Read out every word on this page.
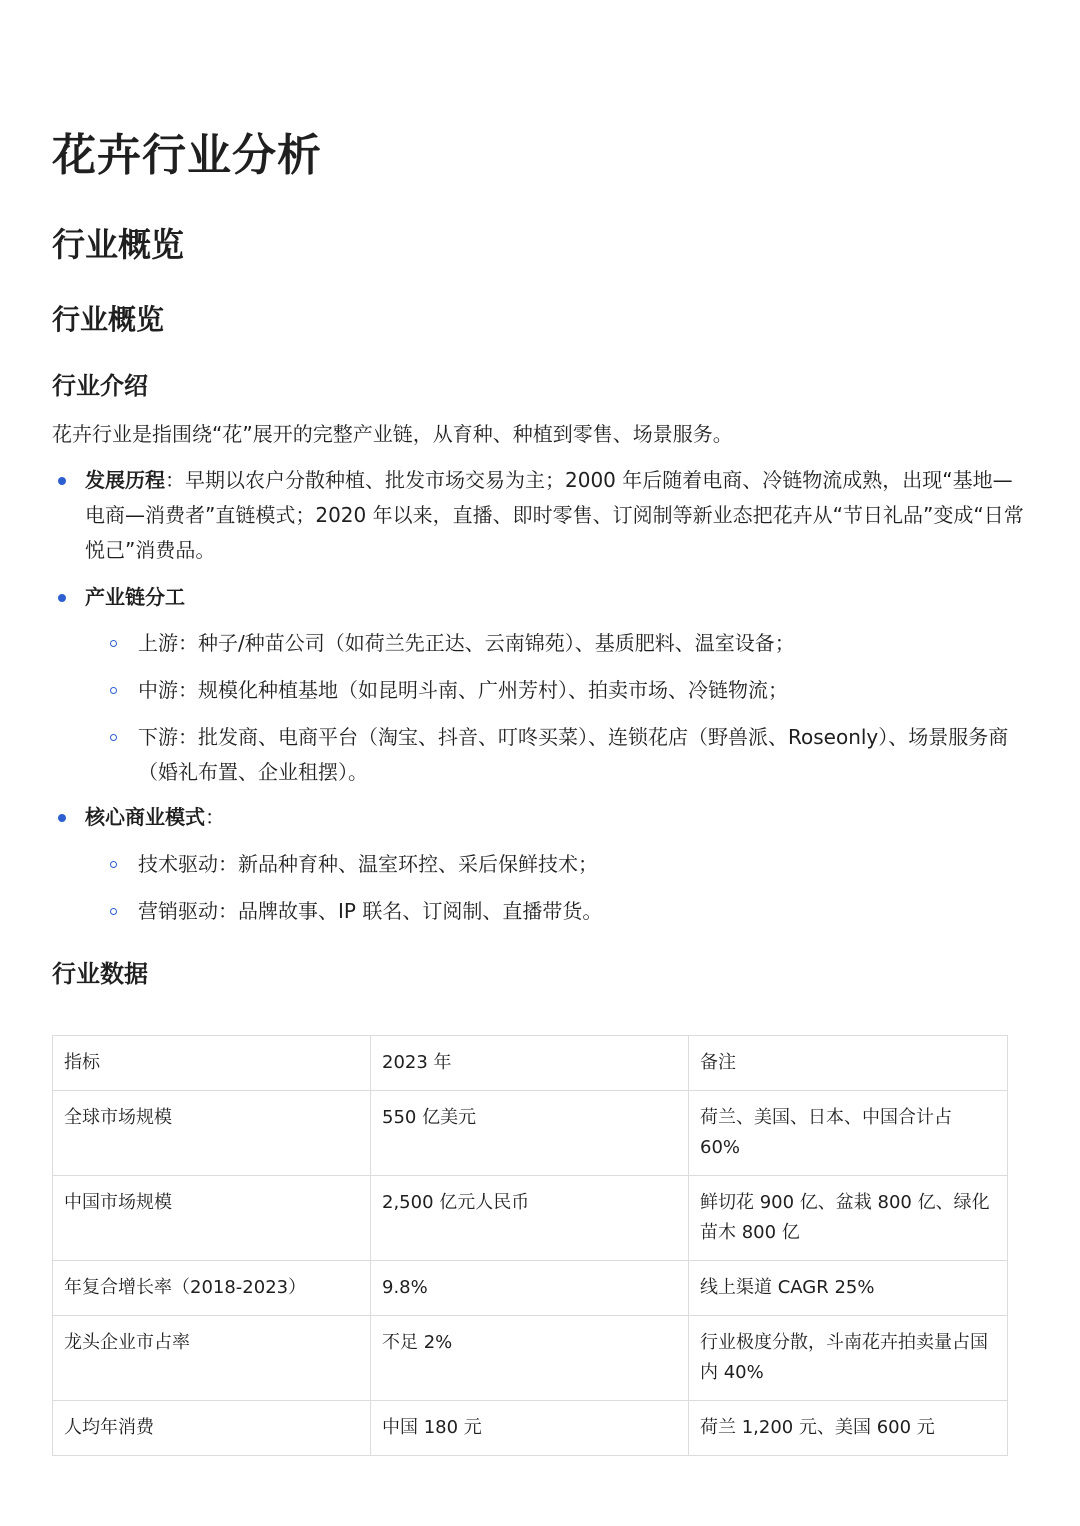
花卉行业分析
行业概览
行业概览
行业介绍

花卉行业是指围绕“花”展开的完整产业链，从育种、种植到零售、场景服务。

发展历程：早期以农户分散种植、批发市场交易为主；2000 年后随着电商、冷链物流成熟，出现“基地—电商—消费者”直链模式；2020 年以来，直播、即时零售、订阅制等新业态把花卉从“节日礼品”变成“日常悦己”消费品。
产业链分工
上游：种子/种苗公司（如荷兰先正达、云南锦苑）、基质肥料、温室设备；
中游：规模化种植基地（如昆明斗南、广州芳村）、拍卖市场、冷链物流；
下游：批发商、电商平台（淘宝、抖音、叮咚买菜）、连锁花店（野兽派、Roseonly）、场景服务商（婚礼布置、企业租摆）。
核心商业模式：
技术驱动：新品种育种、温室环控、采后保鲜技术；
营销驱动：品牌故事、IP 联名、订阅制、直播带货。
行业数据
指标	2023 年	备注
全球市场规模	550 亿美元	荷兰、美国、日本、中国合计占 60%
中国市场规模	2,500 亿元人民币	鲜切花 900 亿、盆栽 800 亿、绿化苗木 800 亿
年复合增长率（2018-2023）	9.8%	线上渠道 CAGR 25%
龙头企业市占率	不足 2%	行业极度分散，斗南花卉拍卖量占国内 40%
人均年消费	中国 180 元	荷兰 1,200 元、美国 600 元
